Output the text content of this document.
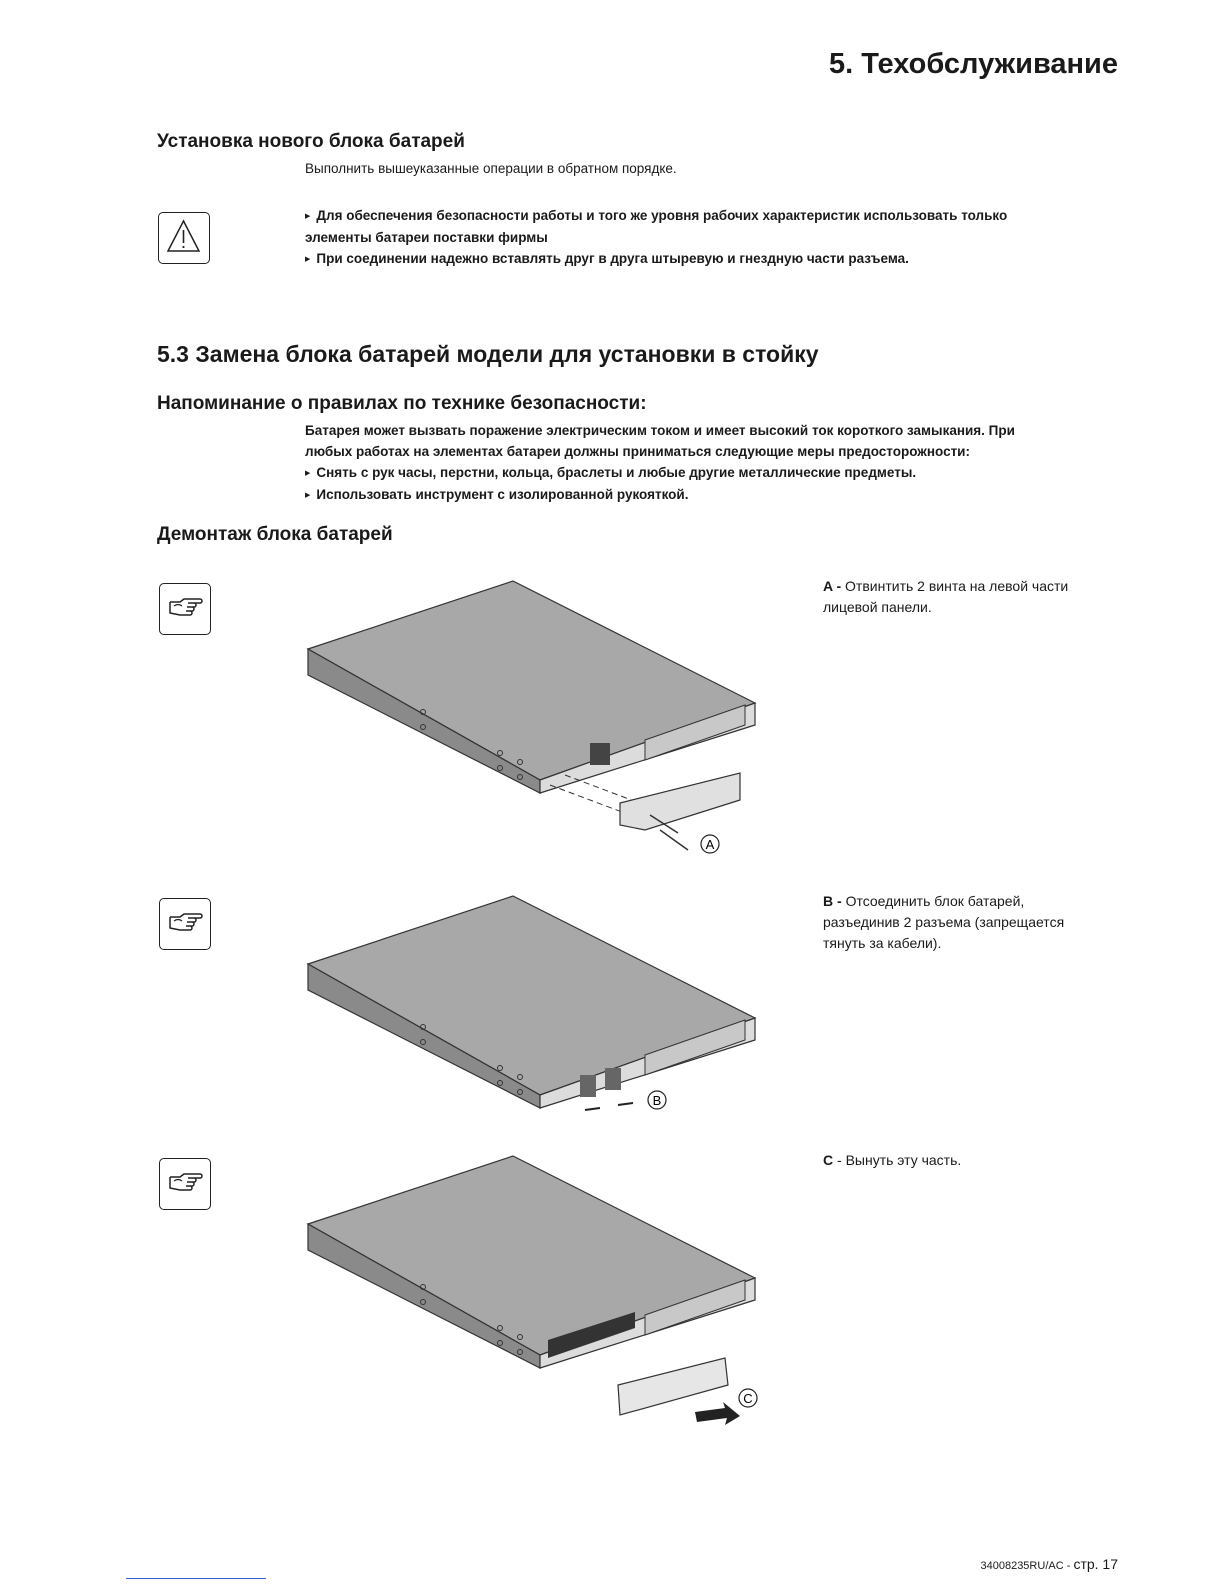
5. Техобслуживание
Установка нового блока батарей
Выполнить вышеуказанные операции в обратном порядке.
▶ Для обеспечения безопасности работы и того же уровня рабочих характеристик использовать только
элементы батареи поставки фирмы
▶ При соединении надежно вставлять друг в друга штыревую и гнездную части разъема.
5.3 Замена блока батарей модели для установки в стойку
Напоминание о правилах по технике безопасности:
Батарея может вызвать поражение электрическим током и имеет высокий ток короткого замыкания. При
любых работах на элементах батареи должны приниматься следующие меры предосторожности:
▶ Снять с рук часы, перстни, кольца, браслеты и любые другие металлические предметы.
▶ Использовать инструмент с изолированной рукояткой.
Демонтаж блока батарей
A - Отвинтить 2 винта на левой части
лицевой панели.
B - Отсоединить блок батарей,
разъединив 2 разъема (запрещается
тянуть за кабели).
C - Вынуть эту часть.
A
B
C
34008235RU/AC - стр. 17
